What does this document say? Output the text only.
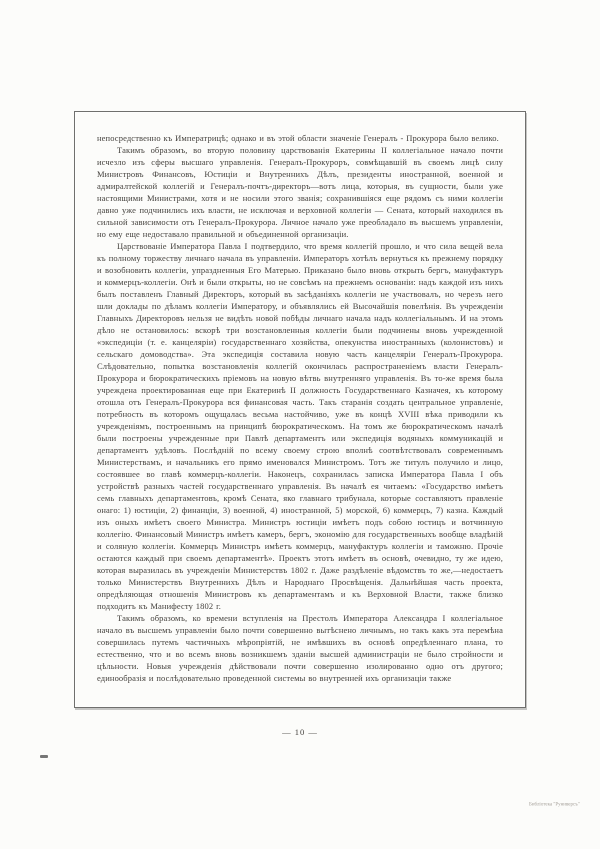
непосредственно къ Императрицѣ; однако и въ этой области значеніе Генералъ - Прокурора было велико.

Такимъ образомъ, во вторую половину царствованія Екатерины II коллегіальное начало почти исчезло изъ сферы высшаго управленія. Генералъ-Прокуроръ, совмѣщавшій въ своемъ лицѣ силу Министровъ Финансовъ, Юстиціи и Внутреннихъ Дѣлъ, президенты иностранной, военной и адмиралтейской коллегій и Генералъ-почтъ-директоръ—вотъ лица, которыя, въ сущности, были уже настоящими Министрами, хотя и не носили этого званія; сохранившіяся еще рядомъ съ ними коллегіи давно уже подчинились ихъ власти, не исключая и верховной коллегіи — Сената, который находился въ сильной зависимости отъ Генералъ-Прокурора. Личное начало уже преобладало въ высшемъ управленіи, но ему еще недоставало правильной и объединенной организаціи.

Царствованіе Императора Павла I подтвердило, что время коллегій прошло, и что сила вещей вела къ полному торжеству личнаго начала въ управленіи. Императоръ хотѣлъ вернуться къ прежнему порядку и возобновить коллегіи, упраздненныя Его Матерью. Приказано было вновь открыть бергъ, мануфактуръ и коммерцъ-коллегіи. Онѣ и были открыты, но не совсѣмъ на прежнемъ основаніи: надъ каждой изъ нихъ былъ поставленъ Главный Директоръ, который въ засѣданіяхъ коллегіи не участвовалъ, но черезъ него шли доклады по дѣламъ коллегіи Императору, и объявлялись ей Высочайшія повелѣнія. Въ учрежденіи Главныхъ Директоровъ нельзя не видѣть новой побѣды личнаго начала надъ коллегіальнымъ. И на этомъ дѣло не остановилось: вскорѣ три возстановленныя коллегіи были подчинены вновь учрежденной «экспедиціи (т. е. канцеляріи) государственнаго хозяйства, опекунства иностранныхъ (колонистовъ) и сельскаго домоводства». Эта экспедиція составила новую часть канцеляріи Генералъ-Прокурора. Слѣдовательно, попытка возстановленія коллегій окончилась распространеніемъ власти Генералъ-Прокурора и бюрократическихъ пріемовъ на новую вѣтвь внутренняго управленія. Въ то-же время была учреждена проектированная еще при Екатеринѣ II должность Государственнаго Казначея, къ которому отошла отъ Генералъ-Прокурора вся финансовая часть. Такъ старанія создать центральное управленіе, потребность въ которомъ ощущалась весьма настойчиво, уже въ концѣ XVIII вѣка приводили къ учрежденіямъ, построеннымъ на принципѣ бюрократическомъ. На томъ же бюрократическомъ началѣ были построены учрежденные при Павлѣ департаментъ или экспедиція водяныхъ коммуникацій и департаментъ удѣловъ. Послѣдній по всему своему строю вполнѣ соотвѣтствовалъ современнымъ Министерствамъ, и начальникъ его прямо именовался Министромъ. Тотъ же титулъ получило и лицо, состоявшее во главѣ коммерцъ-коллегіи. Наконецъ, сохранилась записка Императора Павла I объ устройствѣ разныхъ частей государственнаго управленія. Въ началѣ ея читаемъ: «Государство имѣетъ семь главныхъ департаментовъ, кромѣ Сената, яко главнаго трибунала, которые составляютъ правленіе онаго: 1) юстиціи, 2) финанціи, 3) военной, 4) иностранной, 5) морской, 6) коммерцъ, 7) казна. Каждый изъ оныхъ имѣетъ своего Министра. Министръ юстиціи имѣетъ подъ собою юстицъ и вотчинную коллегію. Финансовый Министръ имѣетъ камеръ, бергъ, экономію для государственныхъ вообще владѣній и соляную коллегіи. Коммерцъ Министръ имѣетъ коммерцъ, мануфактуръ коллегіи и таможню. Прочіе остаются каждый при своемъ департаментѣ». Проектъ этотъ имѣетъ въ основѣ, очевидно, ту же идею, которая выразилась въ учрежденіи Министерствъ 1802 г. Даже раздѣленіе вѣдомствъ то же,—недостаетъ только Министерствъ Внутреннихъ Дѣлъ и Народнаго Просвѣщенія. Дальнѣйшая часть проекта, опредѣляющая отношенія Министровъ къ департаментамъ и къ Верховной Власти, также близко подходитъ къ Манифесту 1802 г.

Такимъ образомъ, ко времени вступленія на Престолъ Императора Александра I коллегіальное начало въ высшемъ управленіи было почти совершенно вытѣснено личнымъ, но такъ какъ эта перемѣна совершилась путемъ частичныхъ мѣропріятій, не имѣвшихъ въ основѣ опредѣленнаго плана, то естественно, что и во всемъ вновь возникшемъ зданіи высшей администраціи не было стройности и цѣльности. Новыя учрежденія дѣйствовали почти совершенно изолированно одно отъ другого; единообразія и послѣдовательно проведенной системы во внутренней ихъ организаціи также

— 10 —
Библіотека "Руниверсъ"
